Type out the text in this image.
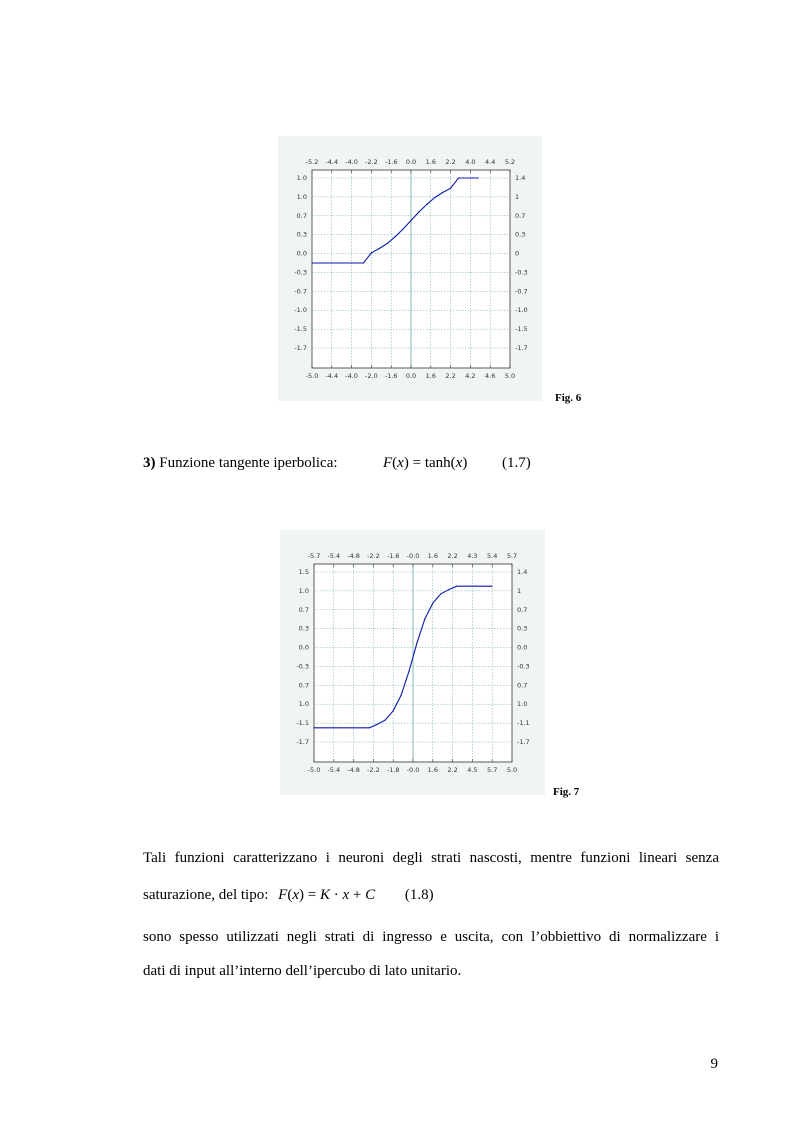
-5.2
-5.0
-4.4
-4.4
-4.0
-4.0
-2.2
-2.0
-1.6
-1.6
0.0
0.0
1.6
1.6
2.2
2.2
4.0
4.2
4.4
4.6
5.2
5.0
1.0	1.4
1.0	1
0.7	0.7
0.3	0.3
0.0	0
-0.3	-0.3
-0.7	-0.7
-1.0	-1.0
-1.5	-1.5
-1.7	-1.7
Fig. 6
3) Funzione tangente iperbolica:	F(x) = tanh(x) (1.7)
-5.7
-5.0
-5.4
-5.4
-4.8
-4.8
-2.2
-2.2
-1.6
-1.8
-0.0
-0.0
1.6
1.6
2.2
2.2
4.3
4.5
5.4
5.7
5.7
5.0
1.5	1.4
1.0	1
0.7	0.7
0.3	0.3
0.0	0.0
-0.3	-0.3
0.7	0.7
1.0	1.0
-1.1	-1.1
-1.7	-1.7
Fig. 7
Tali funzioni caratterizzano i neuroni degli strati nascosti, mentre funzioni lineari senza
saturazione, del tipo: F(x) = K · x + C (1.8)
sono spesso utilizzati negli strati di ingresso e uscita, con l’obbiettivo di normalizzare i
dati di input all’interno dell’ipercubo di lato unitario.
9
